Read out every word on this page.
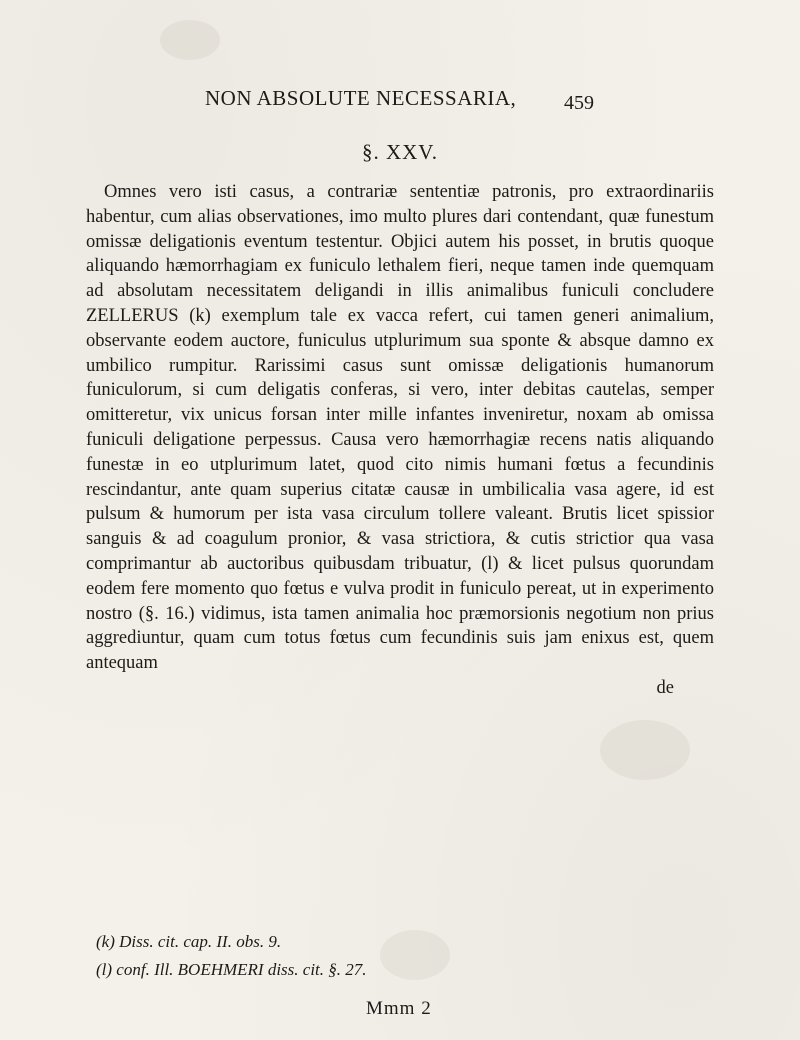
NON ABSOLUTE NECESSARIA, 459
§. XXV.

Omnes vero isti casus, a contrariæ sententiæ patronis, pro extraordinariis habentur, cum alias observationes, imo multo plures dari contendant, quæ funestum omissæ deligationis eventum testentur. Objici autem his posset, in brutis quoque aliquando hæmorrhagiam ex funiculo lethalem fieri, neque tamen inde quemquam ad absolutam necessitatem deligandi in illis animalibus funiculi concludere ZELLERUS (k) exemplum tale ex vacca refert, cui tamen generi animalium, observante eodem auctore, funiculus utplurimum sua sponte & absque damno ex umbilico rumpitur. Rarissimi casus sunt omissæ deligationis humanorum funiculorum, si cum deligatis conferas, si vero, inter debitas cautelas, semper omitteretur, vix unicus forsan inter mille infantes inveniretur, noxam ab omissa funiculi deligatione perpessus. Causa vero hæmorrhagiæ recens natis aliquando funestæ in eo utplurimum latet, quod cito nimis humani fœtus a fecundinis rescindantur, ante quam superius citatæ causæ in umbilicalia vasa agere, id est pulsum & humorum per ista vasa circulum tollere valeant. Brutis licet spissior sanguis & ad coagulum pronior, & vasa strictiora, & cutis strictior qua vasa comprimantur ab auctoribus quibusdam tribuatur, (l) & licet pulsus quorundam eodem fere momento quo fœtus e vulva prodit in funiculo pereat, ut in experimento nostro (§. 16.) vidimus, ista tamen animalia hoc præmorsionis negotium non prius aggrediuntur, quam cum totus fœtus cum fecundinis suis jam enixus est, quem antequam
de

(k) Diss. cit. cap. II. obs. 9.
(l) conf. Ill. BOEHMERI diss. cit. §. 27.
Mmm 2
